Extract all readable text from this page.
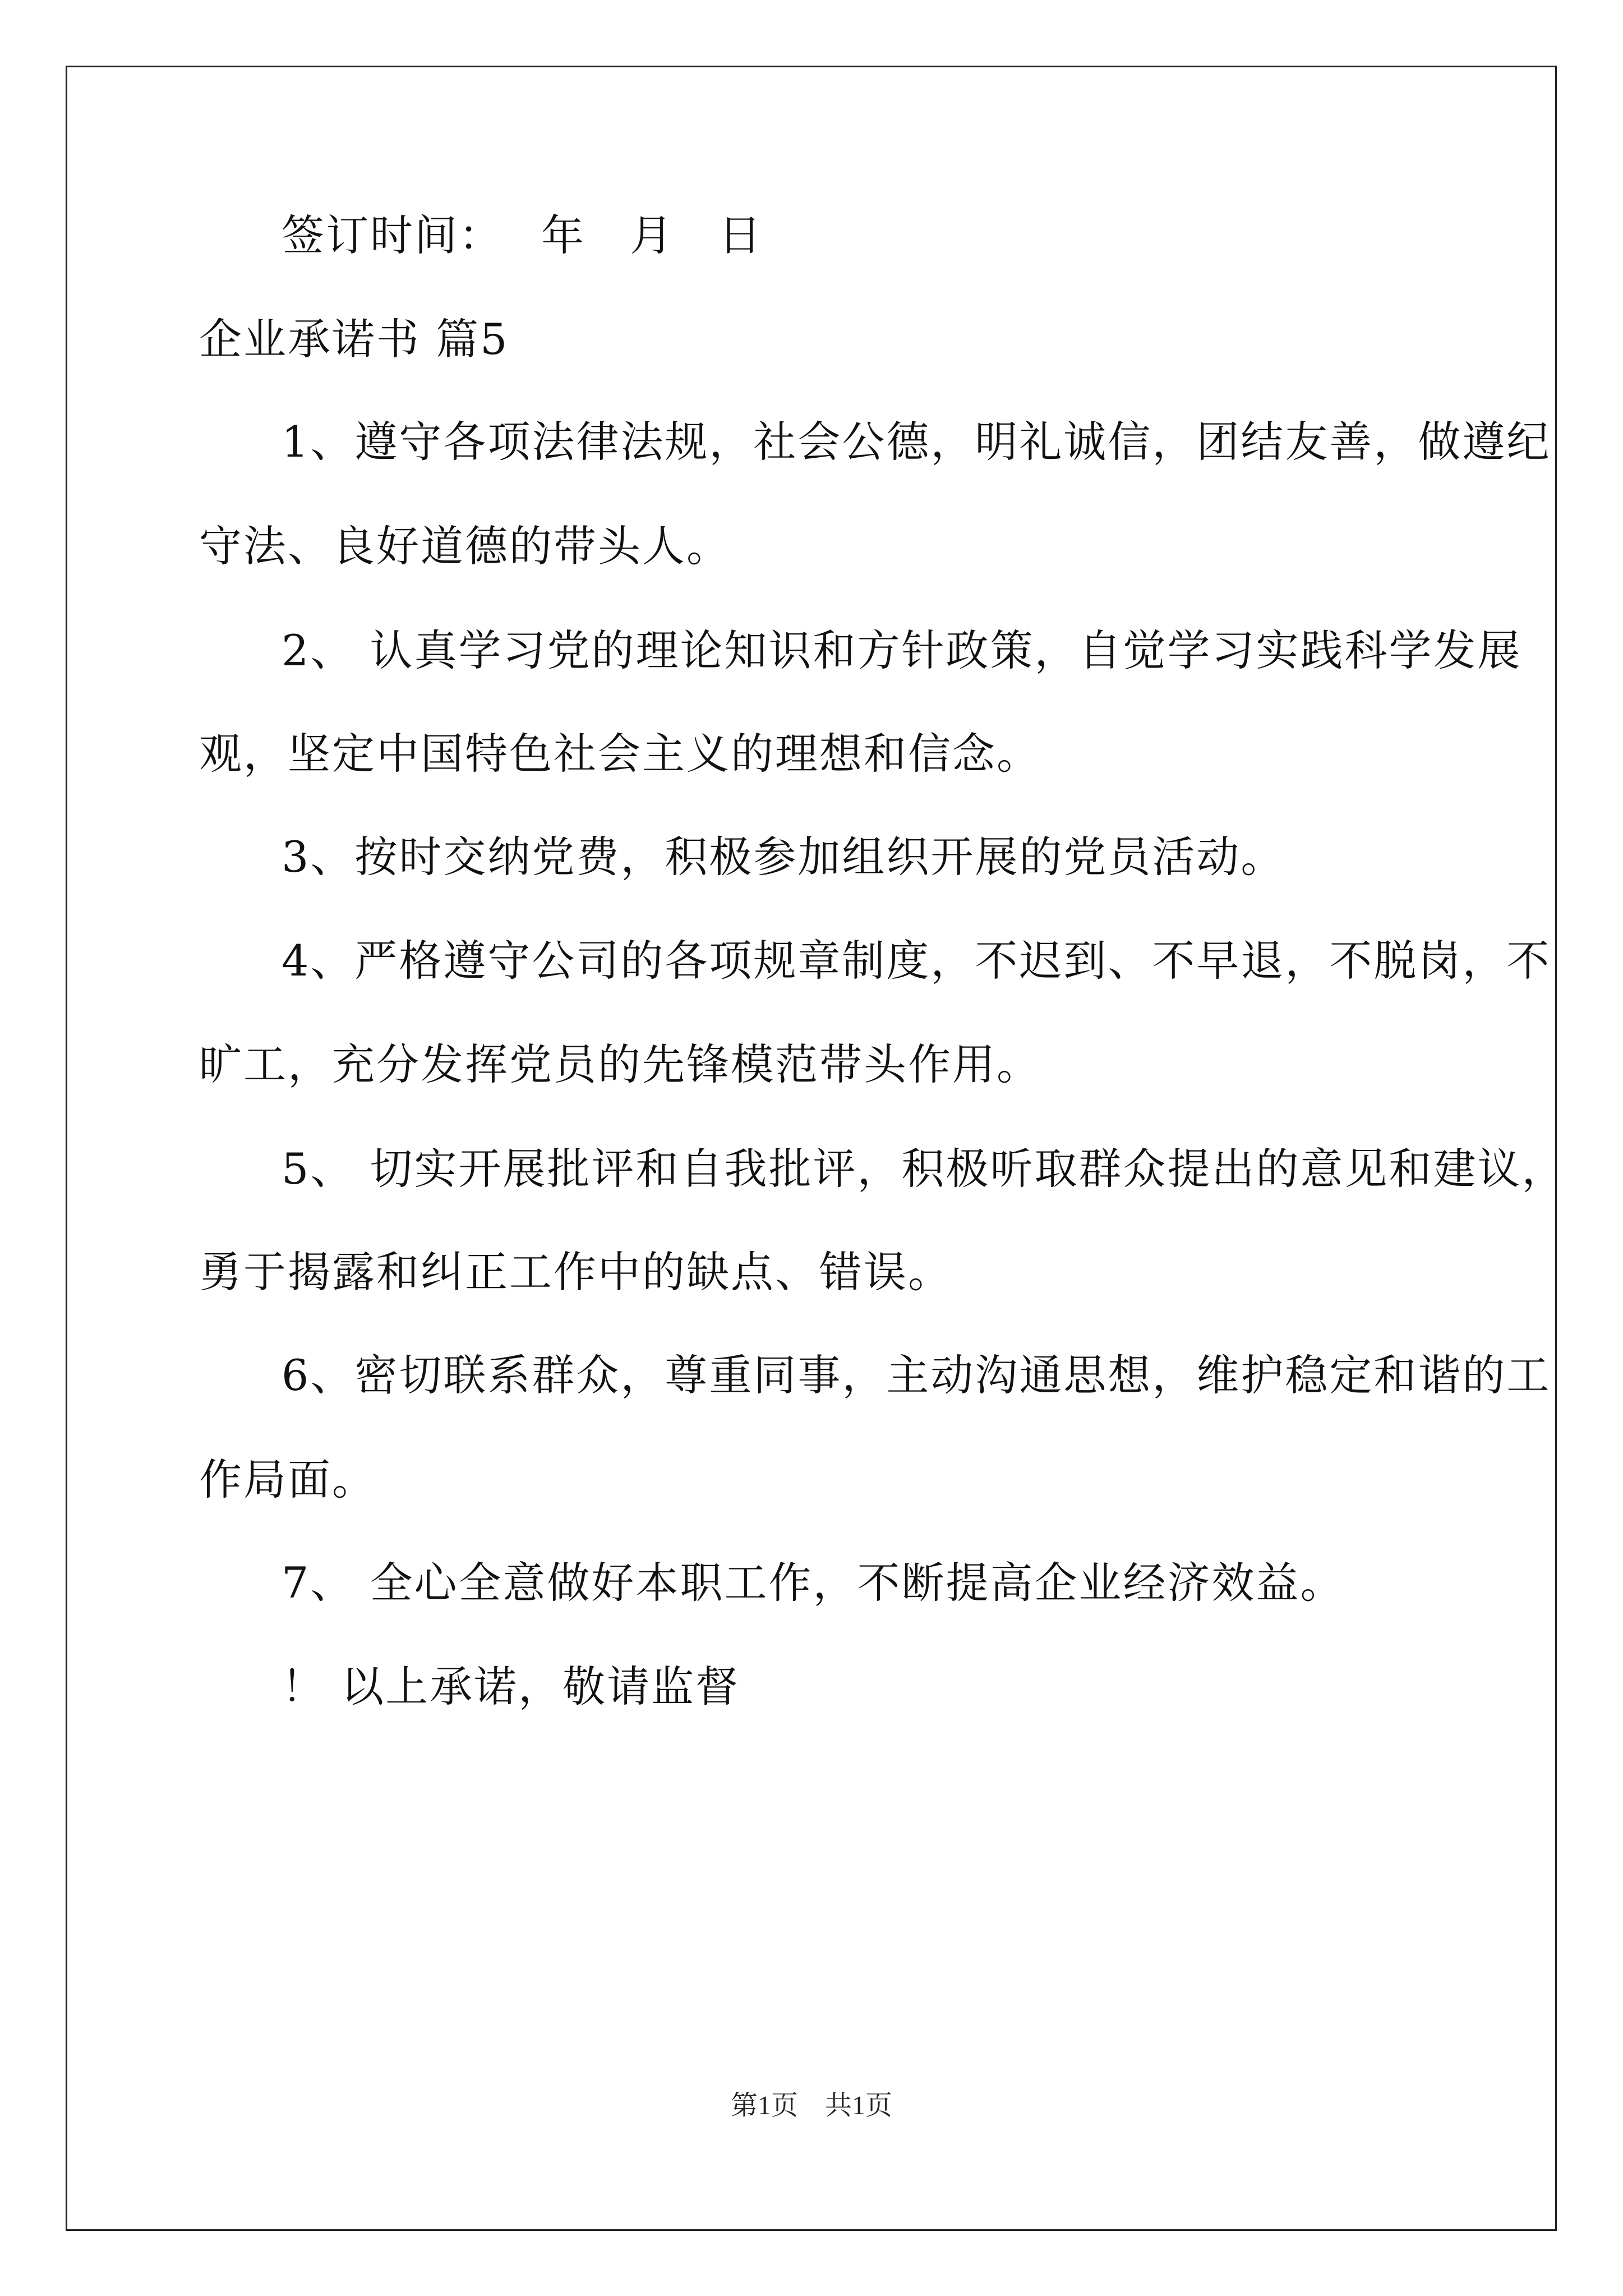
签订时间：　 年　月　日
企业承诺书 篇5
1、遵守各项法律法规，社会公德，明礼诚信，团结友善，做遵纪
守法、良好道德的带头人。
2、 认真学习党的理论知识和方针政策，自觉学习实践科学发展
观，坚定中国特色社会主义的理想和信念。
3、按时交纳党费，积极参加组织开展的党员活动。
4、严格遵守公司的各项规章制度，不迟到、不早退，不脱岗，不
旷工，充分发挥党员的先锋模范带头作用。
5、 切实开展批评和自我批评，积极听取群众提出的意见和建议，
勇于揭露和纠正工作中的缺点、错误。
6、密切联系群众，尊重同事，主动沟通思想，维护稳定和谐的工
作局面。
7、 全心全意做好本职工作，不断提高企业经济效益。
！ 以上承诺，敬请监督
第1页　共1页
